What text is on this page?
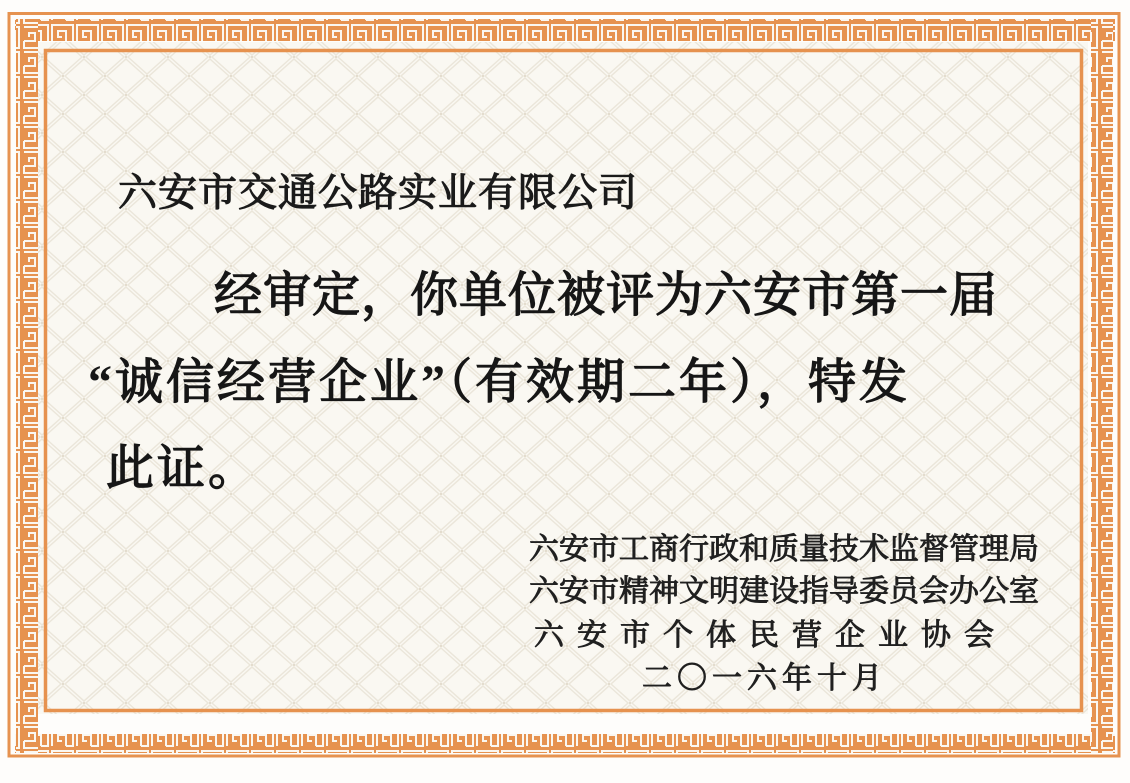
六安市交通公路实业有限公司
经审定，你单位被评为六安市第一届
“诚信经营企业”（有效期二年），特发
此证。
六安市工商行政和质量技术监督管理局
六安市精神文明建设指导委员会办公室
六安市个体民营企业协会
二〇一六年十月
